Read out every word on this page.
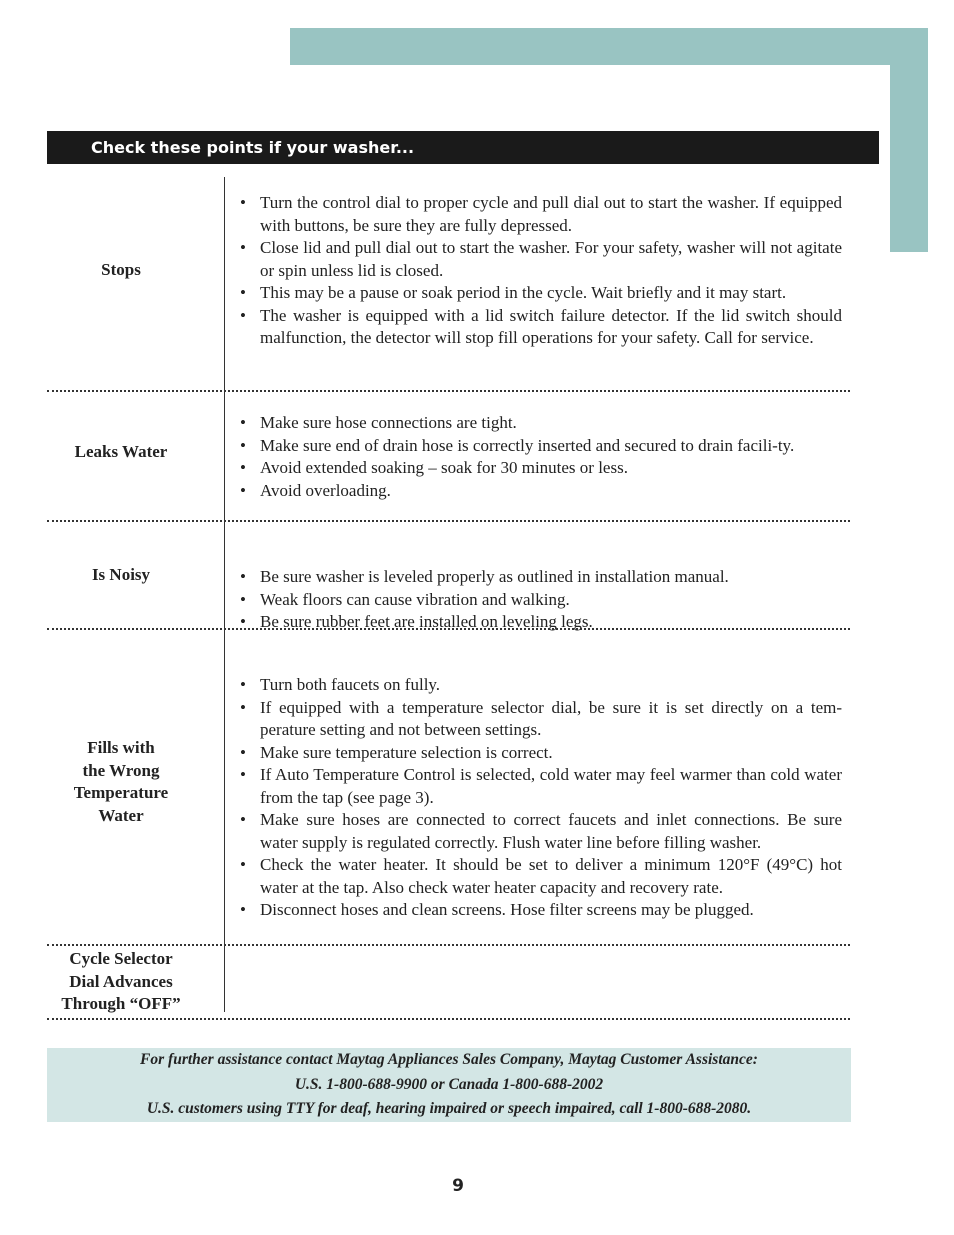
Check these points if your washer...
Stops
• Turn the control dial to proper cycle and pull dial out to start the washer. If equipped with buttons, be sure they are fully depressed.
• Close lid and pull dial out to start the washer. For your safety, washer will not agitate or spin unless lid is closed.
• This may be a pause or soak period in the cycle. Wait briefly and it may start.
• The washer is equipped with a lid switch failure detector. If the lid switch should malfunction, the detector will stop fill operations for your safety. Call for service.
Leaks Water
• Make sure hose connections are tight.
• Make sure end of drain hose is correctly inserted and secured to drain facili-ty.
• Avoid extended soaking – soak for 30 minutes or less.
• Avoid overloading.
Is Noisy
•	Be sure washer is leveled properly as outlined in installation manual.
• Weak floors can cause vibration and walking.
• Be sure rubber feet are installed on leveling legs.
Fills with
the Wrong
Temperature
Water
• Turn both faucets on fully.
• If equipped with a temperature selector dial, be sure it is set directly on a tem-perature setting and not between settings.
• Make sure temperature selection is correct.
• If Auto Temperature Control is selected, cold water may feel warmer than cold water from the tap (see page 3).
• Make sure hoses are connected to correct faucets and inlet connections. Be sure water supply is regulated correctly. Flush water line before filling washer.
• Check the water heater. It should be set to deliver a minimum 120°F (49°C) hot water at the tap. Also check water heater capacity and recovery rate.
• Disconnect hoses and clean screens. Hose filter screens may be plugged.
Cycle Selector
Dial Advances
Through “OFF”
For further assistance contact Maytag Appliances Sales Company, Maytag Customer Assistance:
U.S. 1-800-688-9900 or Canada 1-800-688-2002
U.S. customers using TTY for deaf, hearing impaired or speech impaired, call 1-800-688-2080.
9
